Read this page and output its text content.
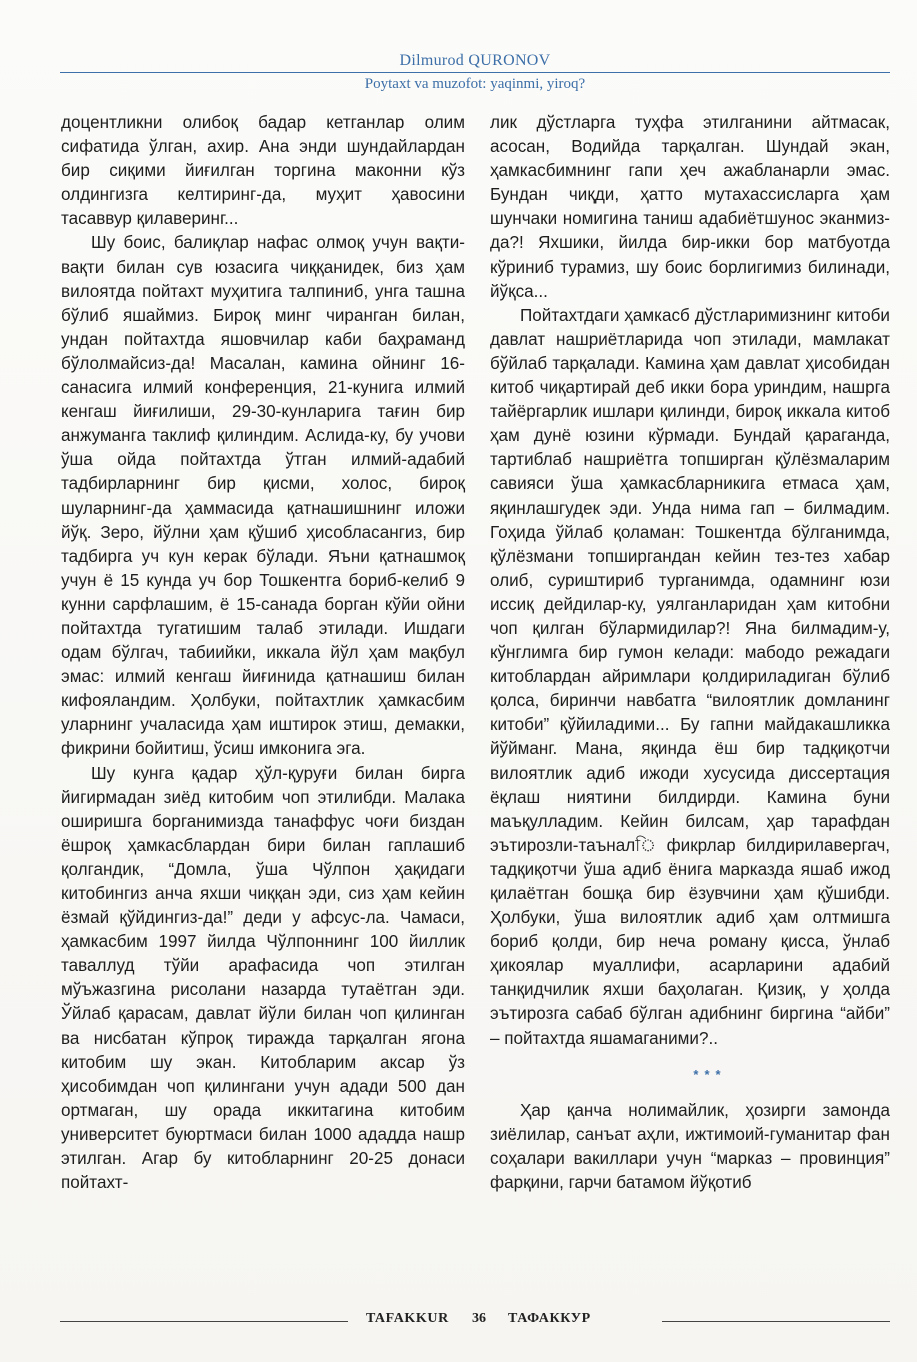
Dilmurod QURONOV
Poytaxt va muzofot: yaqinmi, yiroq?

доцентликни олибоқ бадар кетганлар олим сифатида ўлган, ахир. Ана энди шундайлардан бир сиқими йиғилган торгина маконни кўз олдингизга келтиринг-да, муҳит ҳавосини тасаввур қилаверинг...

Шу боис, балиқлар нафас олмоқ учун вақти-вақти билан сув юзасига чиққанидек, биз ҳам вилоятда пойтахт муҳитига талпиниб, унга ташна бўлиб яшаймиз. Бироқ минг чиранган билан, ундан пойтахтда яшовчилар каби баҳраманд бўлолмайсиз-да! Масалан, камина ойнинг 16-санасига илмий конференция, 21-кунига илмий кенгаш йиғилиши, 29-30-кунларига тағин бир анжуманга таклиф қилиндим. Аслида-ку, бу учови ўша ойда пойтахтда ўтган илмий-адабий тадбирларнинг бир қисми, холос, бироқ шуларнинг-да ҳаммасида қатнашишнинг иложи йўқ. Зеро, йўлни ҳам қўшиб ҳисобласангиз, бир тадбирга уч кун керак бўлади. Яъни қатнашмоқ учун ё 15 кунда уч бор Тошкентга бориб-келиб 9 кунни сарфлашим, ё 15-санада борган кўйи ойни пойтахтда тугатишим талаб этилади. Ишдаги одам бўлгач, табиийки, иккала йўл ҳам мақбул эмас: илмий кенгаш йиғинида қатнашиш билан кифояландим. Ҳолбуки, пойтахтлик ҳамкасбим уларнинг учаласида ҳам иштирок этиш, демакки, фикрини бойитиш, ўсиш имконига эга.

Шу кунга қадар ҳўл-қуруғи билан бирга йигирмадан зиёд китобим чоп этилибди. Малака оширишга борганимизда танаффус чоғи биздан ёшроқ ҳамкасблардан бири билан гаплашиб қолгандик, “Домла, ўша Чўлпон ҳақидаги китобингиз анча яхши чиққан эди, сиз ҳам кейин ёзмай қўйдингиз-да!” деди у афсус-ла. Чамаси, ҳамкасбим 1997 йилда Чўлпоннинг 100 йиллик таваллуд тўйи арафасида чоп этилган мўъжазгина рисолани назарда тутаётган эди. Ўйлаб қарасам, давлат йўли билан чоп қилинган ва нисбатан кўпроқ тиражда тарқалган ягона китобим шу экан. Китобларим аксар ўз ҳисобимдан чоп қилингани учун адади 500 дан ортмаган, шу орада иккитагина китобим университет буюртмаси билан 1000 ададда нашр этилган. Агар бу китобларнинг 20-25 донаси пойтахт-

лик дўстларга туҳфа этилганини айтмасак, асосан, Водийда тарқалган. Шундай экан, ҳамкасбимнинг гапи ҳеч ажабланарли эмас. Бундан чиқди, ҳатто мутахассисларга ҳам шунчаки номигина таниш адабиётшунос эканмиз-да?! Яхшики, йилда бир-икки бор матбуотда кўриниб турамиз, шу боис борлигимиз билинади, йўқса...

Пойтахтдаги ҳамкасб дўстларимизнинг китоби давлат нашриётларида чоп этилади, мамлакат бўйлаб тарқалади. Камина ҳам давлат ҳисобидан китоб чиқартирай деб икки бора уриндим, нашрга тайёргарлик ишлари қилинди, бироқ иккала китоб ҳам дунё юзини кўрмади. Бундай қараганда, тартиблаб нашриётга топширган қўлёзмаларим савияси ўша ҳамкасбларникига етмаса ҳам, яқинлашгудек эди. Унда нима гап – билмадим. Гоҳида ўйлаб қоламан: Тошкентда бўлганимда, қўлёзмани топширгандан кейин тез-тез хабар олиб, суриштириб турганимда, одамнинг юзи иссиқ дейдилар-ку, уялганларидан ҳам китобни чоп қилган бўлармидилар?! Яна билмадим-у, кўнглимга бир гумон келади: мабодо режадаги китоблардан айримлари қолдириладиган бўлиб қолса, биринчи навбатга “вилоятлик домланинг китоби” қўйиладими... Бу гапни майдакашликка йўйманг. Мана, яқинда ёш бир тадқиқотчи вилоятлик адиб ижоди хусусида диссертация ёқлаш ниятини билдирди. Камина буни маъқулладим. Кейин билсам, ҳар тарафдан эътирозли-таъналি фикрлар билдирилавергач, тадқиқотчи ўша адиб ёнига марказда яшаб ижод қилаётган бошқа бир ёзувчини ҳам қўшибди. Ҳолбуки, ўша вилоятлик адиб ҳам олтмишга бориб қолди, бир неча роману қисса, ўнлаб ҳикоялар муаллифи, асарларини адабий танқидчилик яхши баҳолаган. Қизиқ, у ҳолда эътирозга сабаб бўлган адибнинг биргина “айби” – пойтахтда яшамаганими?..

***

Ҳар қанча нолимайлик, ҳозирги замонда зиёлилар, санъат аҳли, ижтимоий-гуманитар фан соҳалари вакиллари учун “марказ – провинция” фарқини, гарчи батамом йўқотиб

TAFAKKUR 36 ТАФАККУР
